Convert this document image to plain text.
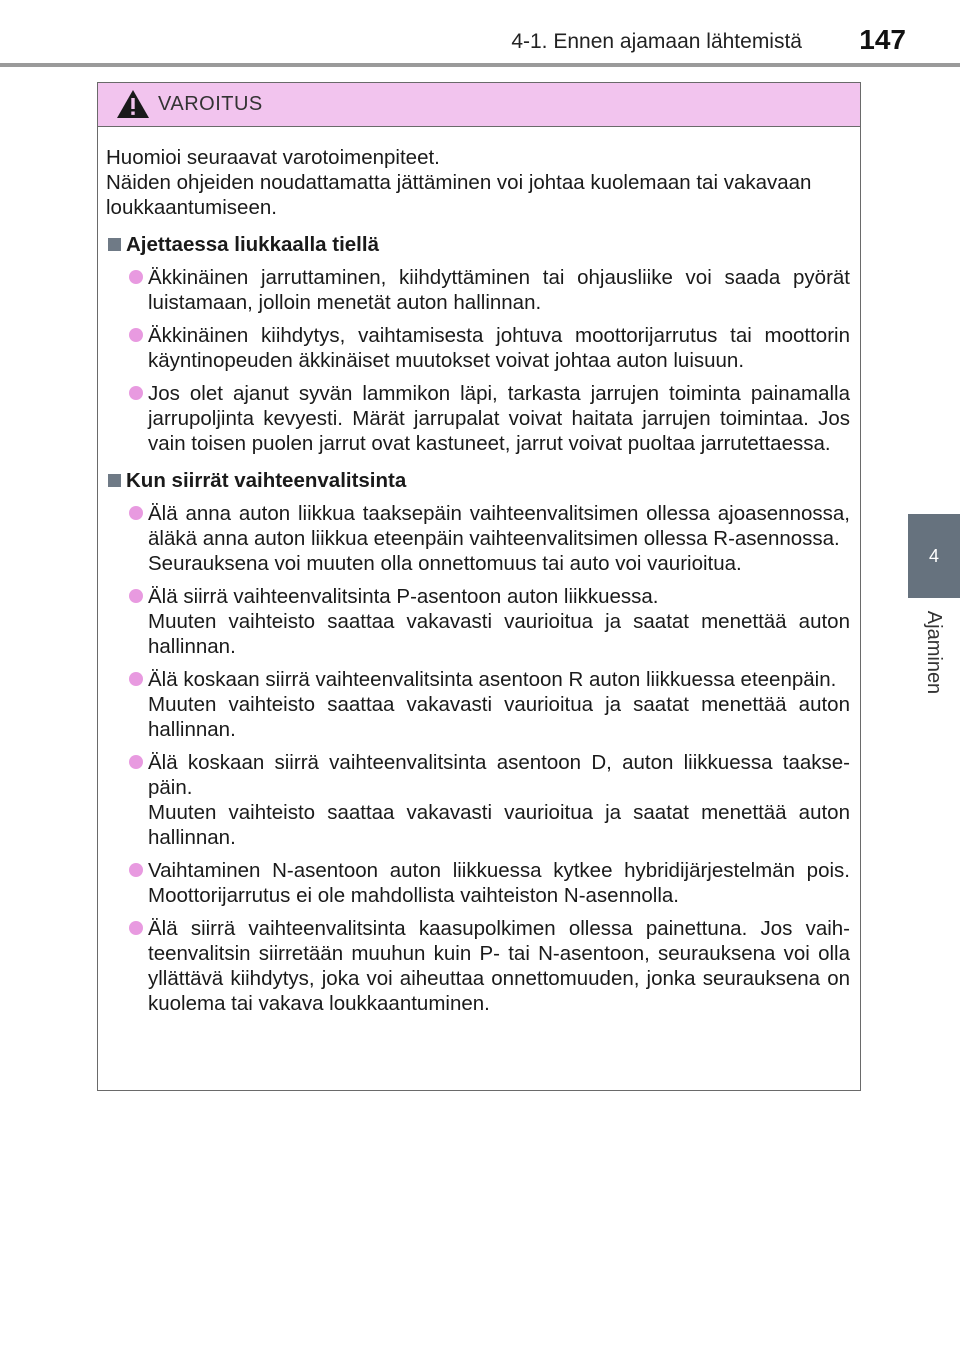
4-1. Ennen ajamaan lähtemistä	147
4
Ajaminen
VAROITUS

Huomioi seuraavat varotoimenpiteet.

Näiden ohjeiden noudattamatta jättäminen voi johtaa kuolemaan tai vakavaan loukkaantumiseen.

Ajettaessa liukkaalla tiellä

Äkkinäinen jarruttaminen, kiihdyttäminen tai ohjausliike voi saada pyörät luistamaan, jolloin menetät auton hallinnan.

Äkkinäinen kiihdytys, vaihtamisesta johtuva moottorijarrutus tai moottorin käyntinopeuden äkkinäiset muutokset voivat johtaa auton luisuun.

Jos olet ajanut syvän lammikon läpi, tarkasta jarrujen toiminta painamalla jarrupoljinta kevyesti. Märät jarrupalat voivat haitata jarrujen toimintaa. Jos vain toisen puolen jarrut ovat kastuneet, jarrut voivat puoltaa jarrutettaessa.

Kun siirrät vaihteenvalitsinta

Älä anna auton liikkua taaksepäin vaihteenvalitsimen ollessa ajoasennossa, äläkä anna auton liikkua eteenpäin vaihteenvalitsimen ollessa R-asennossa.

Seurauksena voi muuten olla onnettomuus tai auto voi vaurioitua.

Älä siirrä vaihteenvalitsinta P-asentoon auton liikkuessa.

Muuten vaihteisto saattaa vakavasti vaurioitua ja saatat menettää auton hallinnan.

Älä koskaan siirrä vaihteenvalitsinta asentoon R auton liikkuessa eteenpäin.

Muuten vaihteisto saattaa vakavasti vaurioitua ja saatat menettää auton hallinnan.

Älä koskaan siirrä vaihteenvalitsinta asentoon D, auton liikkuessa taaksepäin.

Muuten vaihteisto saattaa vakavasti vaurioitua ja saatat menettää auton hallinnan.

Vaihtaminen N-asentoon auton liikkuessa kytkee hybridijärjestelmän pois. Moottorijarrutus ei ole mahdollista vaihteiston N-asennolla.

Älä siirrä vaihteenvalitsinta kaasupolkimen ollessa painettuna. Jos vaihteenvalitsin siirretään muuhun kuin P- tai N-asentoon, seurauksena voi olla yllättävä kiihdytys, joka voi aiheuttaa onnettomuuden, jonka seurauksena on kuolema tai vakava loukkaantuminen.
